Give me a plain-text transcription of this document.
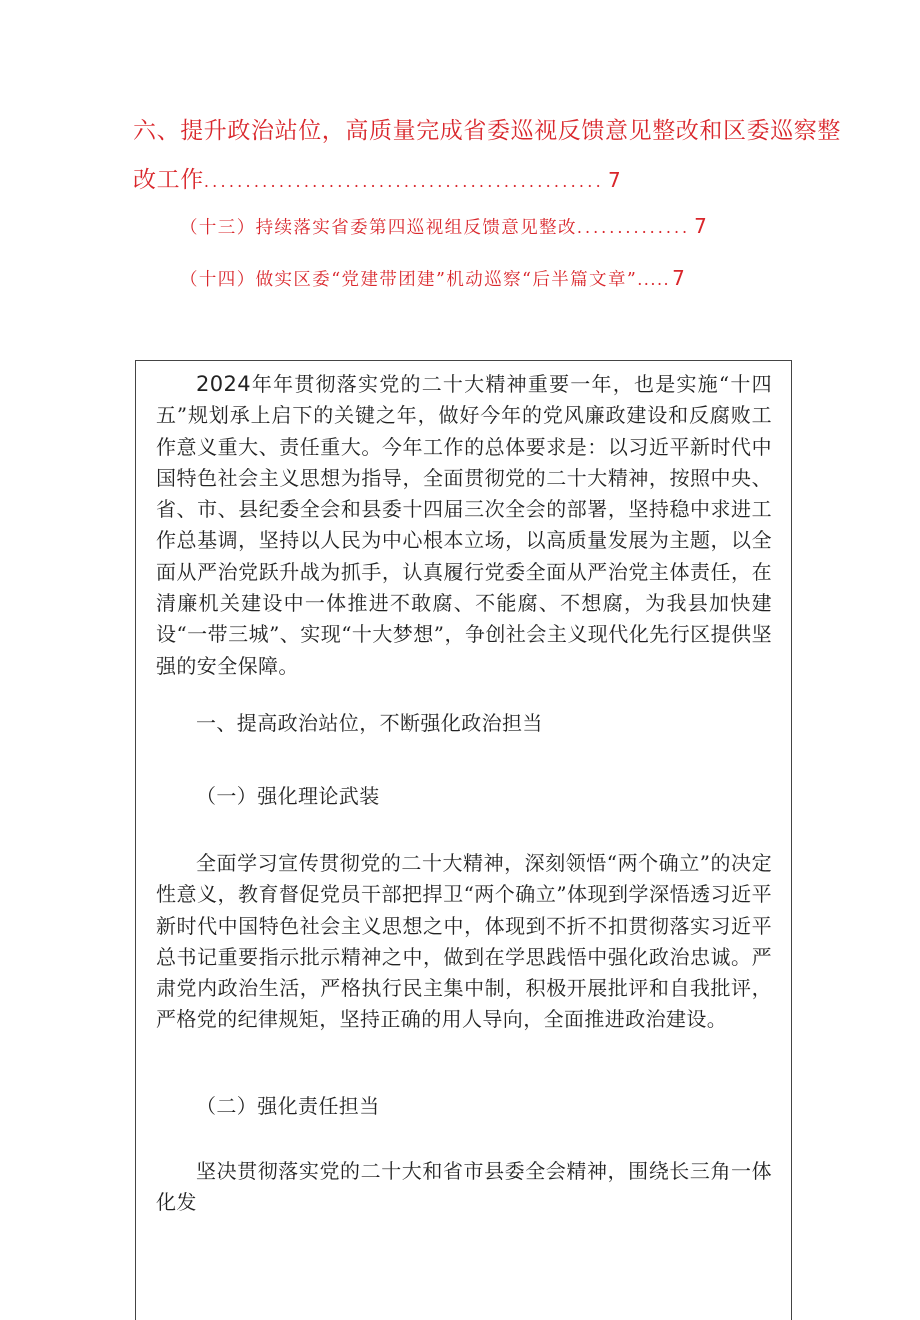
六、提升政治站位，高质量完成省委巡视反馈意见整改和区委巡察整
改工作................................................ 7
（十三）持续落实省委第四巡视组反馈意见整改.............. 7
（十四）做实区委“党建带团建”机动巡察“后半篇文章”..... 7

2024年年贯彻落实党的二十大精神重要一年，也是实施“十四五”规划承上启下的关键之年，做好今年的党风廉政建设和反腐败工作意义重大、责任重大。今年工作的总体要求是：以习近平新时代中国特色社会主义思想为指导，全面贯彻党的二十大精神，按照中央、省、市、县纪委全会和县委十四届三次全会的部署，坚持稳中求进工作总基调，坚持以人民为中心根本立场，以高质量发展为主题，以全面从严治党跃升战为抓手，认真履行党委全面从严治党主体责任，在清廉机关建设中一体推进不敢腐、不能腐、不想腐，为我县加快建设“一带三城”、实现“十大梦想”，争创社会主义现代化先行区提供坚强的安全保障。

一、提高政治站位，不断强化政治担当

（一）强化理论武装

全面学习宣传贯彻党的二十大精神，深刻领悟“两个确立”的决定性意义，教育督促党员干部把捍卫“两个确立”体现到学深悟透习近平新时代中国特色社会主义思想之中，体现到不折不扣贯彻落实习近平总书记重要指示批示精神之中，做到在学思践悟中强化政治忠诚。严肃党内政治生活，严格执行民主集中制，积极开展批评和自我批评，严格党的纪律规矩，坚持正确的用人导向，全面推进政治建设。

（二）强化责任担当

坚决贯彻落实党的二十大和省市县委全会精神，围绕长三角一体化发
